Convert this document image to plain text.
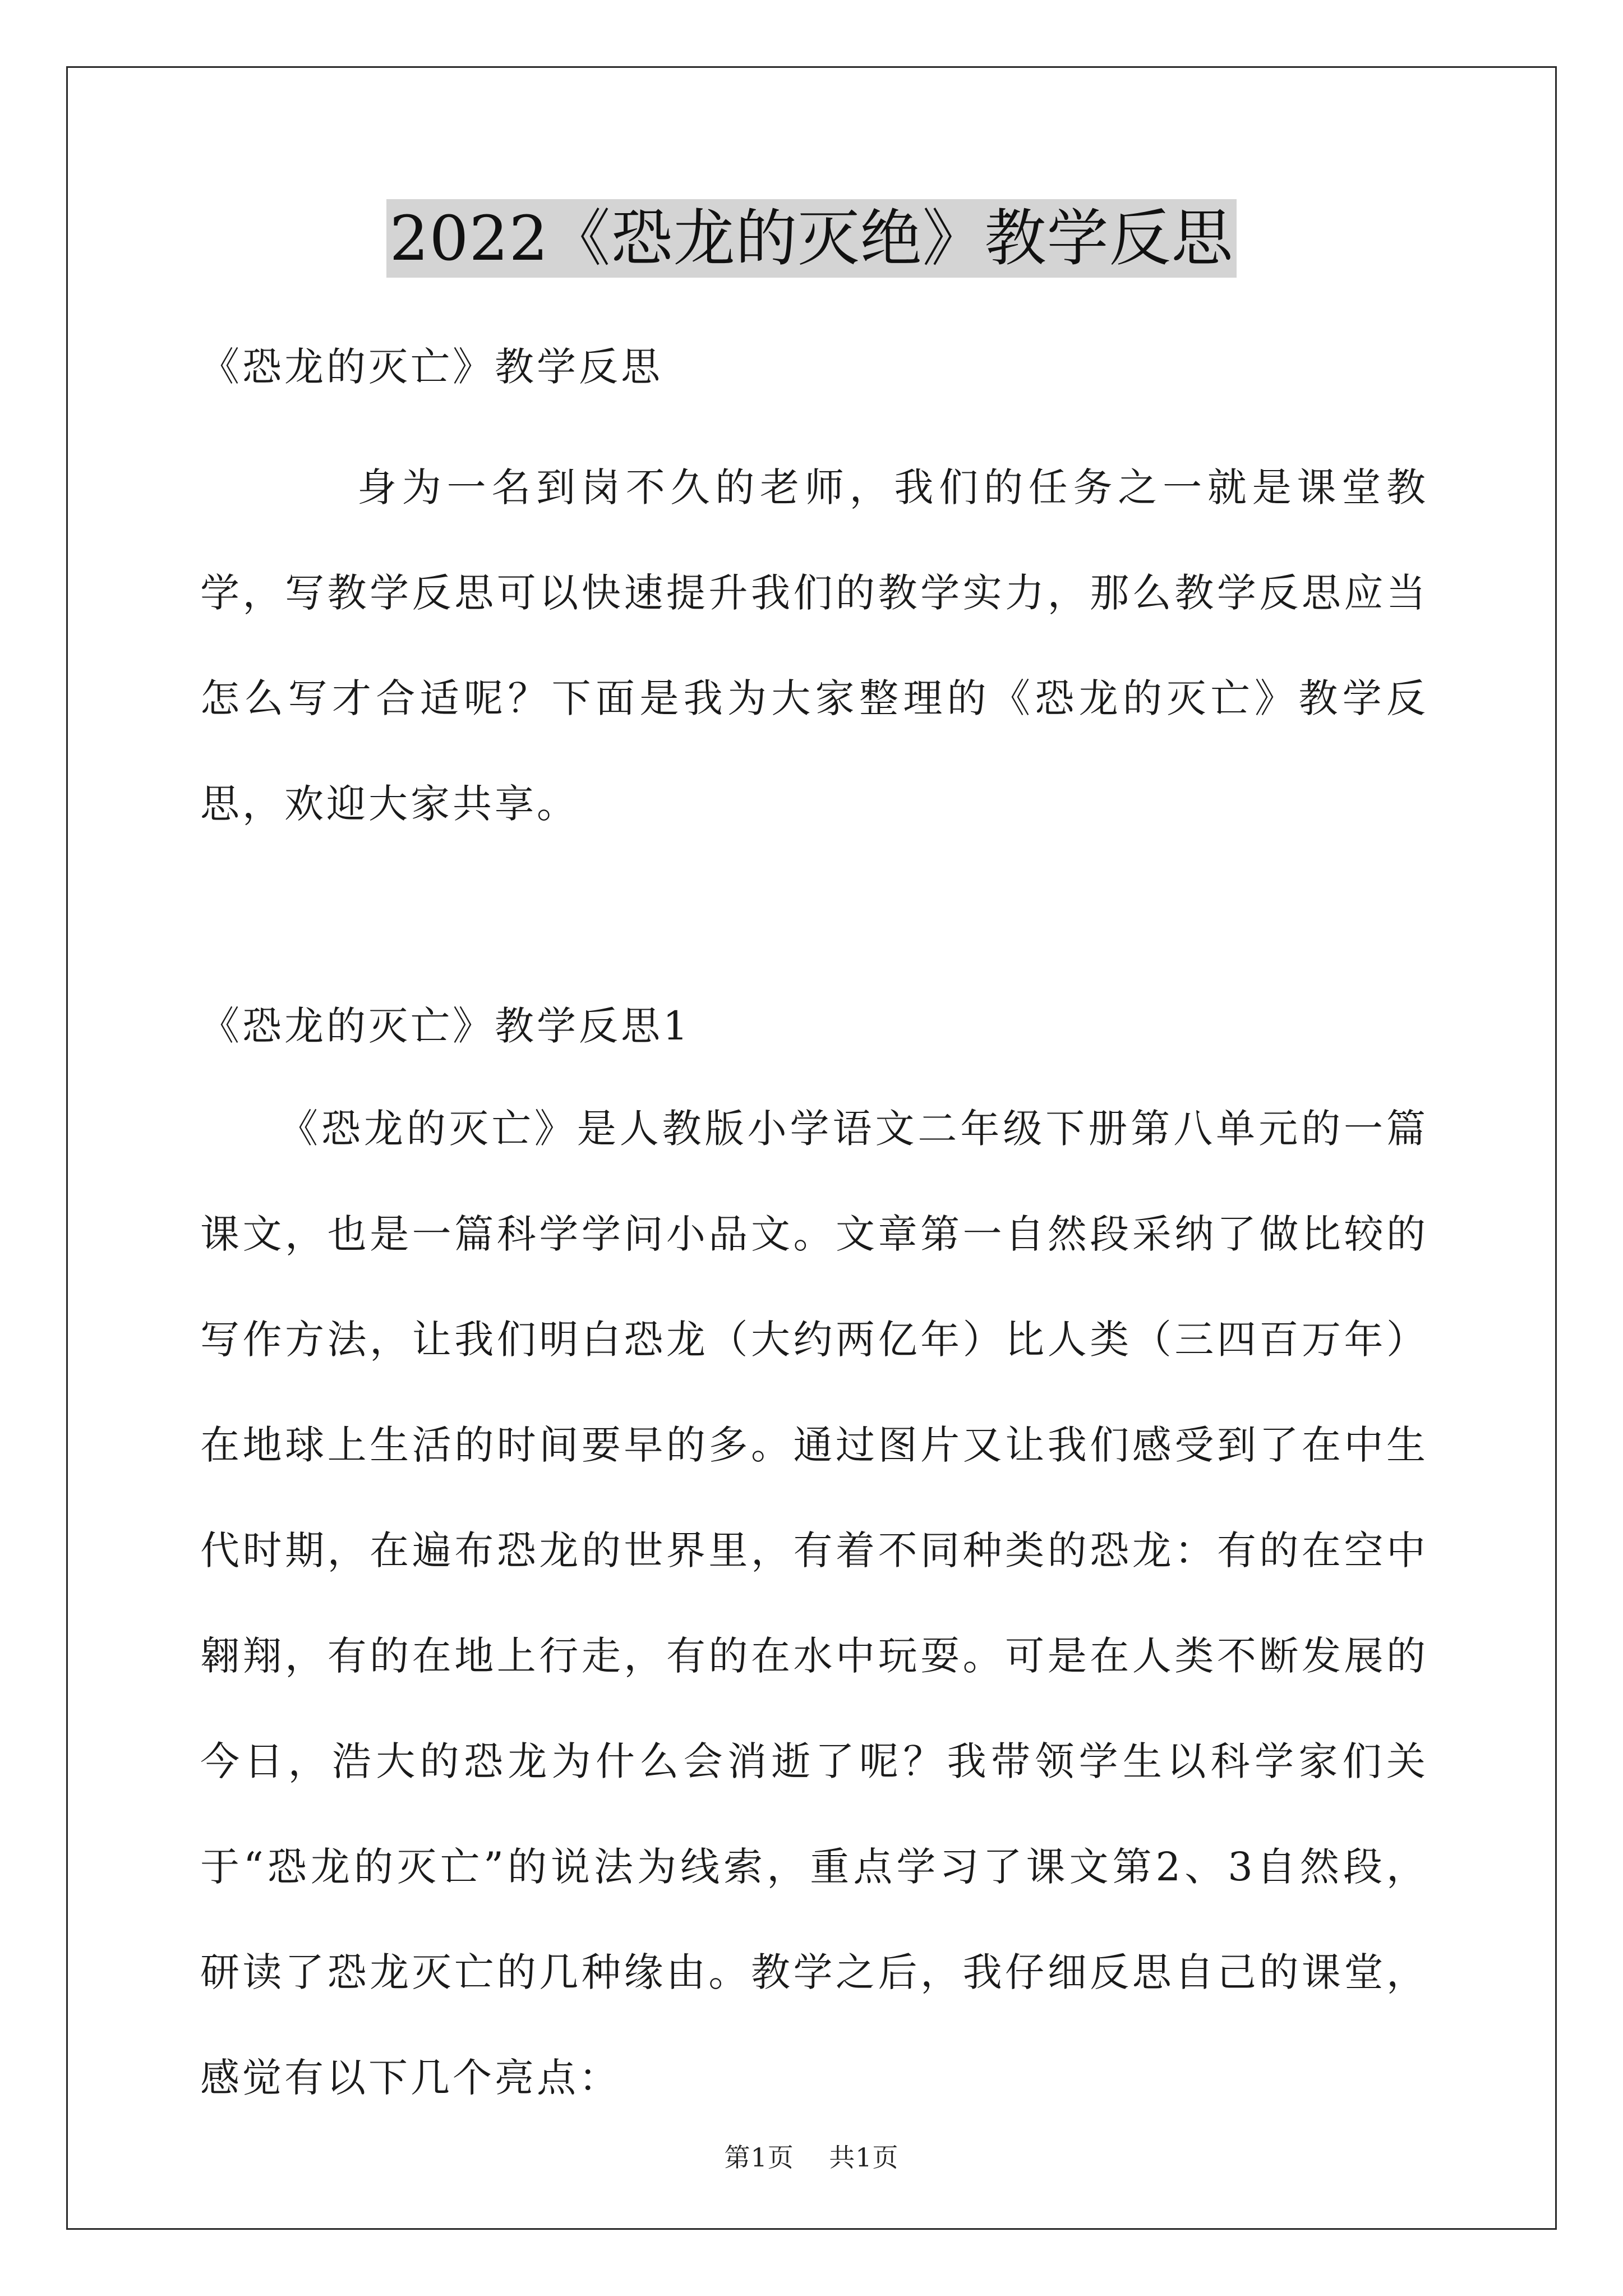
2022《恐龙的灭绝》教学反思

《恐龙的灭亡》教学反思

身为一名到岗不久的老师，我们的任务之一就是课堂教学，写教学反思可以快速提升我们的教学实力，那么教学反思应当怎么写才合适呢？下面是我为大家整理的《恐龙的灭亡》教学反思，欢迎大家共享。

《恐龙的灭亡》教学反思1

《恐龙的灭亡》是人教版小学语文二年级下册第八单元的一篇课文，也是一篇科学学问小品文。文章第一自然段采纳了做比较的写作方法，让我们明白恐龙（大约两亿年）比人类（三四百万年）在地球上生活的时间要早的多。通过图片又让我们感受到了在中生代时期，在遍布恐龙的世界里，有着不同种类的恐龙：有的在空中翱翔，有的在地上行走，有的在水中玩耍。可是在人类不断发展的今日，浩大的恐龙为什么会消逝了呢？我带领学生以科学家们关于“恐龙的灭亡”的说法为线索，重点学习了课文第2、3自然段，研读了恐龙灭亡的几种缘由。教学之后，我仔细反思自己的课堂，感觉有以下几个亮点：

第1页 共1页
